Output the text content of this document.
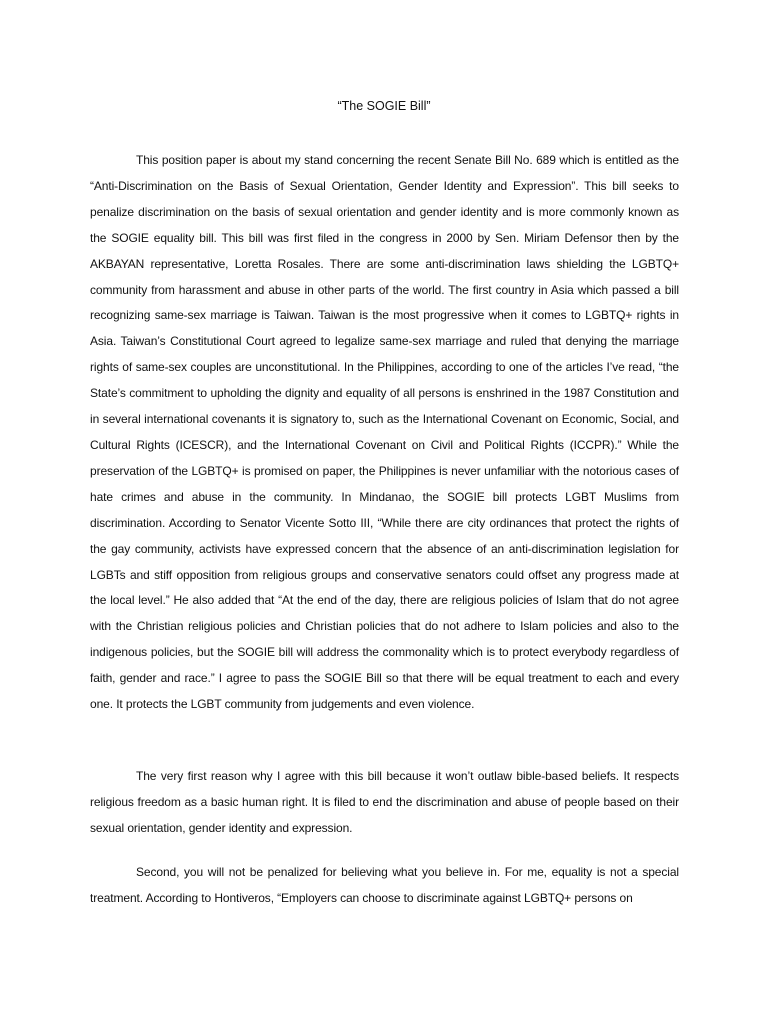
“The SOGIE Bill”

This position paper is about my stand concerning the recent Senate Bill No. 689 which is entitled as the “Anti-Discrimination on the Basis of Sexual Orientation, Gender Identity and Expression”. This bill seeks to penalize discrimination on the basis of sexual orientation and gender identity and is more commonly known as the SOGIE equality bill. This bill was first filed in the congress in 2000 by Sen. Miriam Defensor then by the AKBAYAN representative, Loretta Rosales. There are some anti-discrimination laws shielding the LGBTQ+ community from harassment and abuse in other parts of the world. The first country in Asia which passed a bill recognizing same-sex marriage is Taiwan. Taiwan is the most progressive when it comes to LGBTQ+ rights in Asia. Taiwan’s Constitutional Court agreed to legalize same-sex marriage and ruled that denying the marriage rights of same-sex couples are unconstitutional. In the Philippines, according to one of the articles I’ve read, “the State’s commitment to upholding the dignity and equality of all persons is enshrined in the 1987 Constitution and in several international covenants it is signatory to, such as the International Covenant on Economic, Social, and Cultural Rights (ICESCR), and the International Covenant on Civil and Political Rights (ICCPR).” While the preservation of the LGBTQ+ is promised on paper, the Philippines is never unfamiliar with the notorious cases of hate crimes and abuse in the community. In Mindanao, the SOGIE bill protects LGBT Muslims from discrimination. According to Senator Vicente Sotto III, “While there are city ordinances that protect the rights of the gay community, activists have expressed concern that the absence of an anti-discrimination legislation for LGBTs and stiff opposition from religious groups and conservative senators could offset any progress made at the local level.” He also added that “At the end of the day, there are religious policies of Islam that do not agree with the Christian religious policies and Christian policies that do not adhere to Islam policies and also to the indigenous policies, but the SOGIE bill will address the commonality which is to protect everybody regardless of faith, gender and race.” I agree to pass the SOGIE Bill so that there will be equal treatment to each and every one. It protects the LGBT community from judgements and even violence.

The very first reason why I agree with this bill because it won’t outlaw bible-based beliefs. It respects religious freedom as a basic human right. It is filed to end the discrimination and abuse of people based on their sexual orientation, gender identity and expression.

Second, you will not be penalized for believing what you believe in. For me, equality is not a special treatment. According to Hontiveros, “Employers can choose to discriminate against LGBTQ+ persons on
